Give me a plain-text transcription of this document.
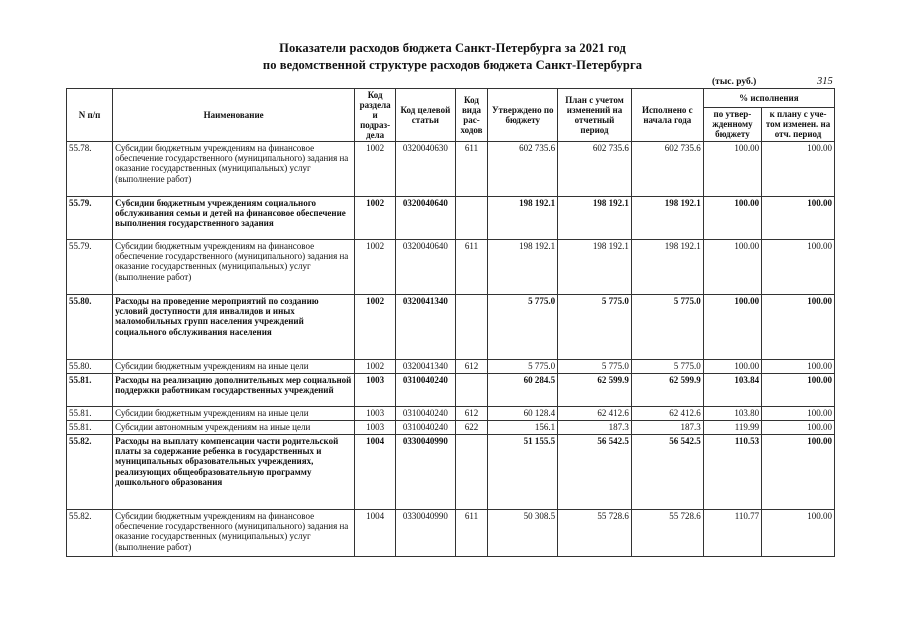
Показатели расходов бюджета Санкт-Петербурга за 2021 год
по ведомственной структуре расходов бюджета Санкт-Петербурга
(тыс. руб.)	315
N п/п	Наименование	Код раздела и подраз-дела	Код целевой статьи	Код вида рас-ходов	Утверждено по бюджету	План с учетом изменений на отчетный период	Исполнено с начала года	% исполнения	
								по утвер-жденному бюджету	к плану с уче-том изменен. на отч. период
55.78.	Субсидии бюджетным учреждениям на финансовое обеспечение государственного (муниципального) задания на оказание государственных (муниципальных) услуг (выполнение работ)	1002	0320040630	611	602 735.6	602 735.6	602 735.6	100.00	100.00
55.79.	Субсидии бюджетным учреждениям социального обслуживания семьи и детей на финансовое обеспечение выполнения государственного задания	1002	0320040640		198 192.1	198 192.1	198 192.1	100.00	100.00
55.79.	Субсидии бюджетным учреждениям на финансовое обеспечение государственного (муниципального) задания на оказание государственных (муниципальных) услуг (выполнение работ)	1002	0320040640	611	198 192.1	198 192.1	198 192.1	100.00	100.00
55.80.	Расходы на проведение мероприятий по созданию условий доступности для инвалидов и иных маломобильных групп населения учреждений социального обслуживания населения	1002	0320041340		5 775.0	5 775.0	5 775.0	100.00	100.00
55.80.	Субсидии бюджетным учреждениям на иные цели	1002	0320041340	612	5 775.0	5 775.0	5 775.0	100.00	100.00
55.81.	Расходы на реализацию дополнительных мер социальной поддержки работникам государственных учреждений	1003	0310040240		60 284.5	62 599.9	62 599.9	103.84	100.00
55.81.	Субсидии бюджетным учреждениям на иные цели	1003	0310040240	612	60 128.4	62 412.6	62 412.6	103.80	100.00
55.81.	Субсидии автономным учреждениям на иные цели	1003	0310040240	622	156.1	187.3	187.3	119.99	100.00
55.82.	Расходы на выплату компенсации части родительской платы за содержание ребенка в государственных и муниципальных образовательных учреждениях, реализующих общеобразовательную программу дошкольного образования	1004	0330040990		51 155.5	56 542.5	56 542.5	110.53	100.00
55.82.	Субсидии бюджетным учреждениям на финансовое обеспечение государственного (муниципального) задания на оказание государственных (муниципальных) услуг (выполнение работ)	1004	0330040990	611	50 308.5	55 728.6	55 728.6	110.77	100.00
